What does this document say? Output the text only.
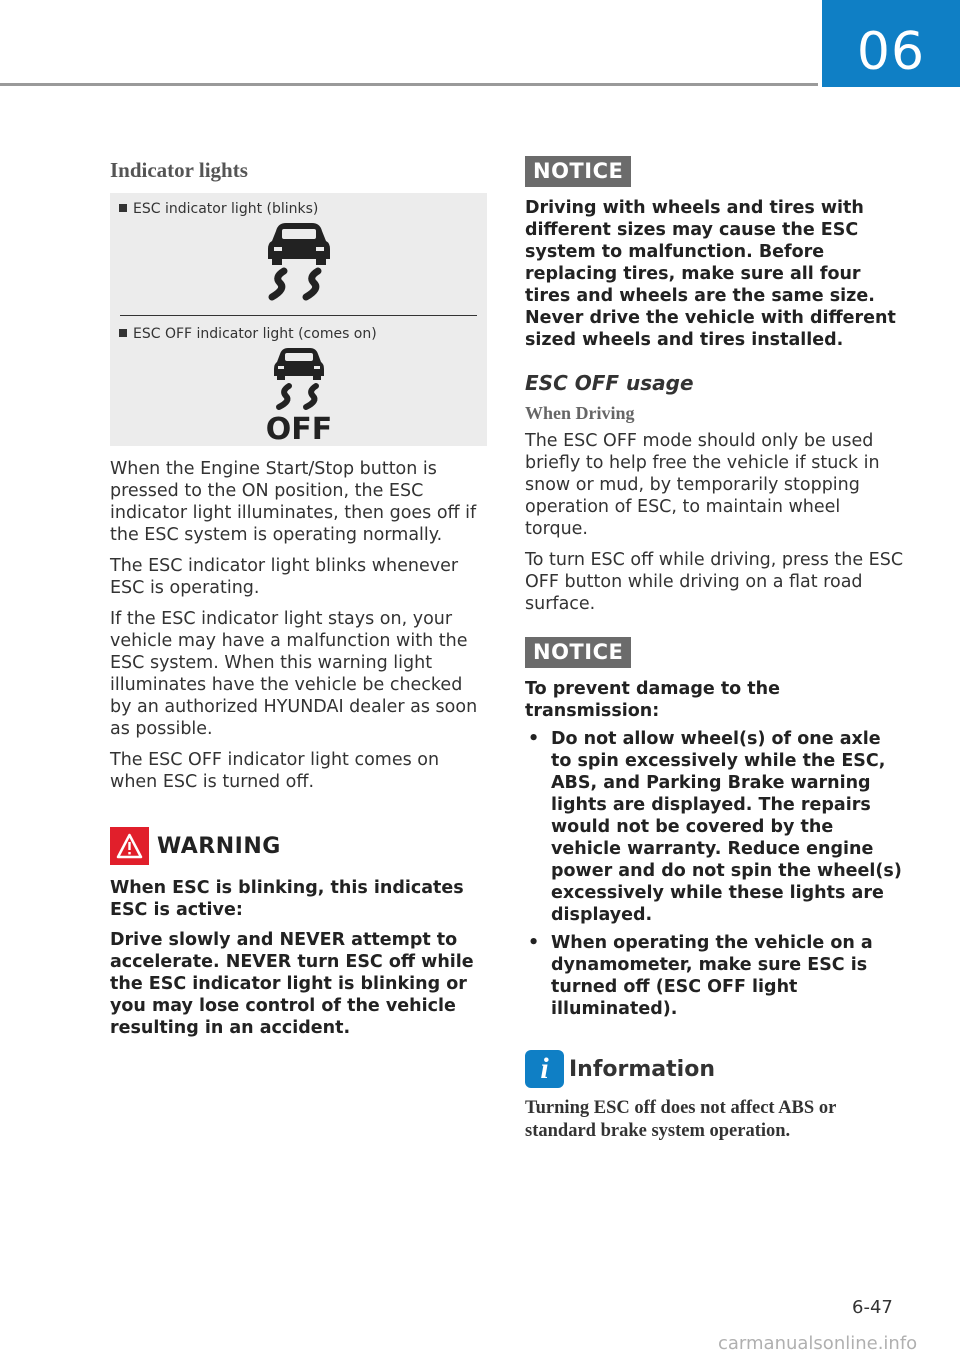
06
Indicator lights
ESC indicator light (blinks)
ESC OFF indicator light (comes on)
OFF

When the Engine Start/Stop button is pressed to the ON position, the ESC indicator light illuminates, then goes off if the ESC system is operating normally.

The ESC indicator light blinks whenever ESC is operating.

If the ESC indicator light stays on, your vehicle may have a malfunction with the ESC system. When this warning light illuminates have the vehicle be checked by an authorized HYUNDAI dealer as soon as possible.

The ESC OFF indicator light comes on when ESC is turned off.

WARNING

When ESC is blinking, this indicates ESC is active:

Drive slowly and NEVER attempt to accelerate. NEVER turn ESC off while the ESC indicator light is blinking or you may lose control of the vehicle resulting in an accident.

NOTICE
Driving with wheels and tires with different sizes may cause the ESC system to malfunction. Before replacing tires, make sure all four tires and wheels are the same size. Never drive the vehicle with different sized wheels and tires installed.
ESC OFF usage
When Driving

The ESC OFF mode should only be used briefly to help free the vehicle if stuck in snow or mud, by temporarily stopping operation of ESC, to maintain wheel torque.

To turn ESC off while driving, press the ESC OFF button while driving on a flat road surface.

NOTICE
To prevent damage to the transmission:
• Do not allow wheel(s) of one axle to spin excessively while the ESC, ABS, and Parking Brake warning lights are displayed. The repairs would not be covered by the vehicle warranty. Reduce engine power and do not spin the wheel(s) excessively while these lights are displayed.
• When operating the vehicle on a dynamometer, make sure ESC is turned off (ESC OFF light illuminated).
i Information
Turning ESC off does not affect ABS or standard brake system operation.
6-47
carmanualsonline.info
